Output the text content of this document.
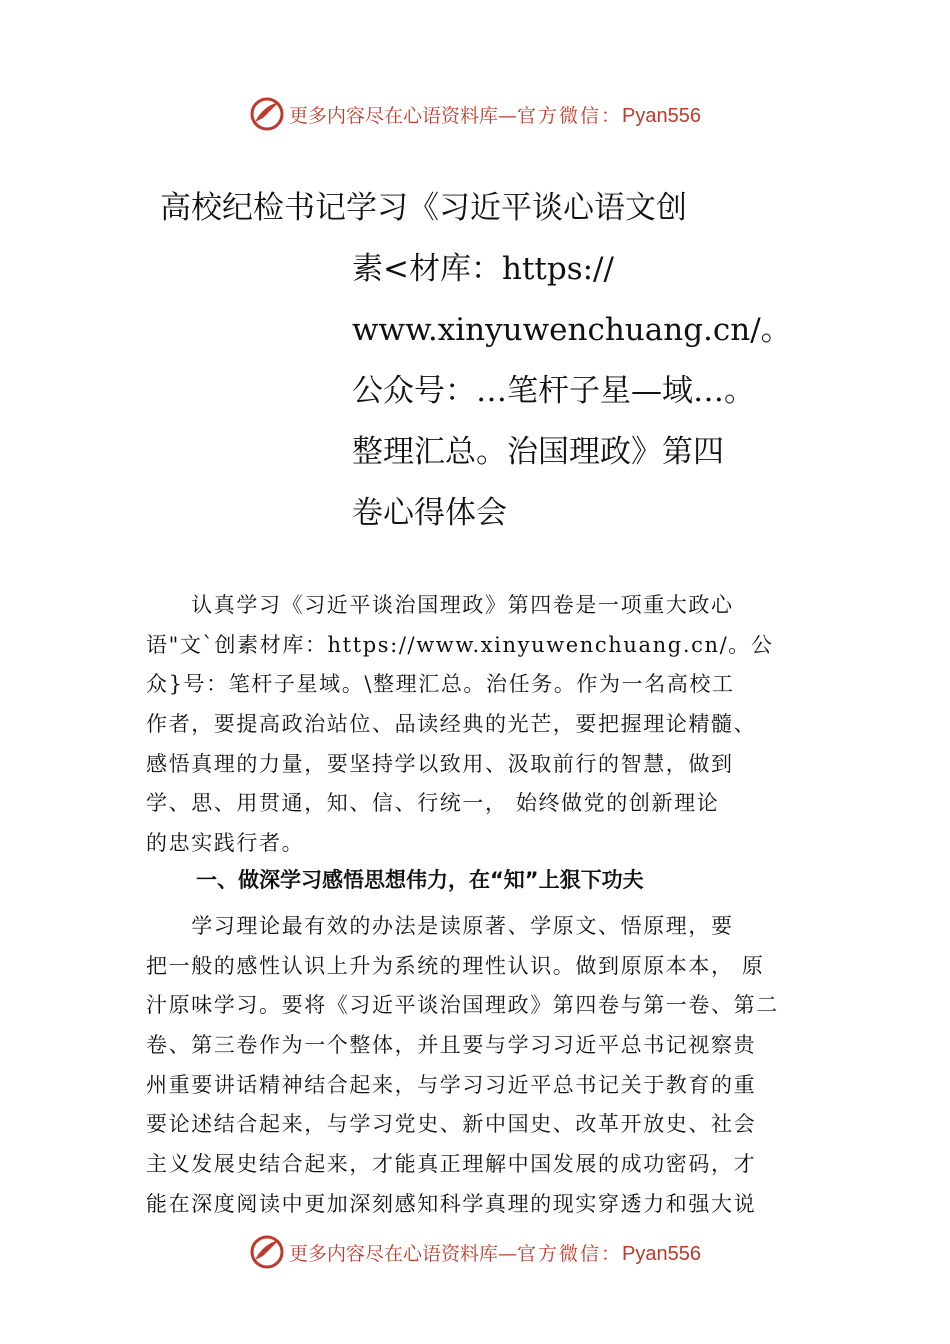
更多内容尽在心语资料库—官方微信：Pyan556
高校纪检书记学习《习近平谈心语文创
素<材库：https://
www.xinyuwenchuang.cn/。
公众号：…笔杆子星—域…。
整理汇总。治国理政》第四
卷心得体会
　　认真学习《习近平谈治国理政》第四卷是一项重大政心
语"文`创素材库：https://www.xinyuwenchuang.cn/。公
众}号：笔杆子星域。\整理汇总。治任务。作为一名高校工
作者，要提高政治站位、品读经典的光芒，要把握理论精髓、
感悟真理的力量，要坚持学以致用、汲取前行的智慧，做到
学、思、用贯通，知、信、行统一， 始终做党的创新理论
的忠实践行者。
一、做深学习感悟思想伟力，在“知”上狠下功夫
　　学习理论最有效的办法是读原著、学原文、悟原理，要
把一般的感性认识上升为系统的理性认识。做到原原本本， 原
汁原味学习。要将《习近平谈治国理政》第四卷与第一卷、第二
卷、第三卷作为一个整体，并且要与学习习近平总书记视察贵
州重要讲话精神结合起来，与学习习近平总书记关于教育的重
要论述结合起来，与学习党史、新中国史、改革开放史、社会
主义发展史结合起来，才能真正理解中国发展的成功密码，才
能在深度阅读中更加深刻感知科学真理的现实穿透力和强大说
更多内容尽在心语资料库—官方微信：Pyan556
